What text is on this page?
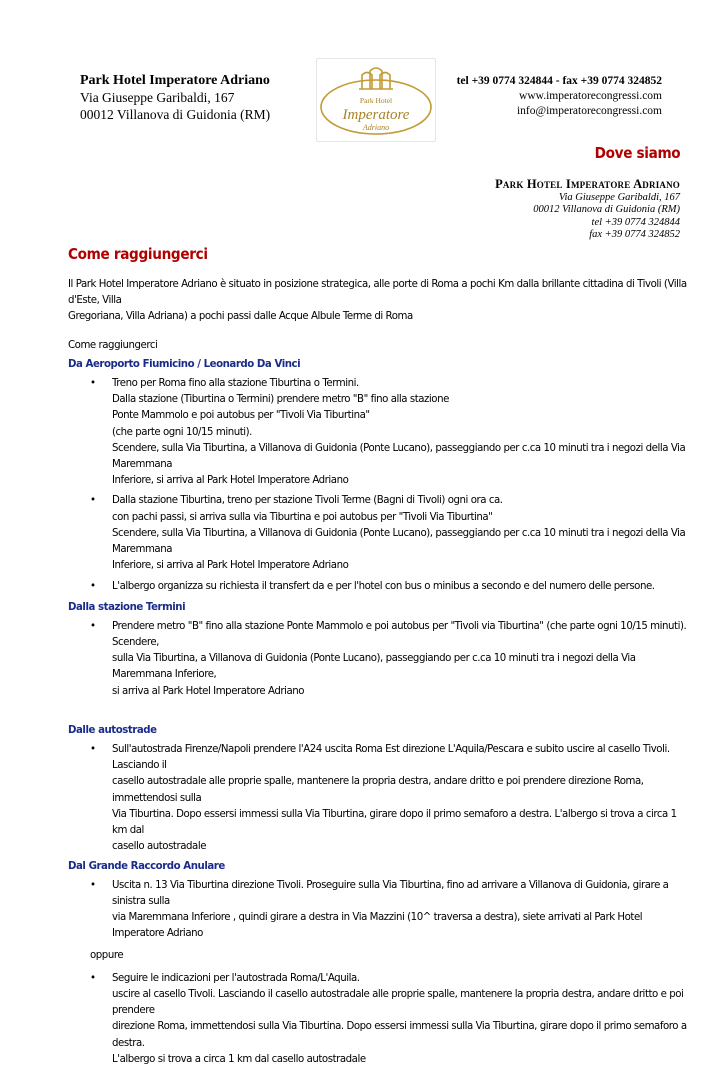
Park Hotel Imperatore Adriano
Via Giuseppe Garibaldi, 167
00012 Villanova di Guidonia (RM)
Park Hotel
Imperatore
Adriano
tel +39 0774 324844 - fax +39 0774 324852
www.imperatorecongressi.com
info@imperatorecongressi.com
Dove siamo
Park Hotel Imperatore Adriano
Via Giuseppe Garibaldi, 167
00012 Villanova di Guidonia (RM)
tel +39 0774 324844
fax +39 0774 324852
Come raggiungerci

Il Park Hotel Imperatore Adriano è situato in posizione strategica, alle porte di Roma a pochi Km dalla brillante cittadina di Tivoli (Villa d'Este, Villa

Gregoriana, Villa Adriana) a pochi passi dalle Acque Albule Terme di Roma

Come raggiungerci

Da Aeroporto Fiumicino / Leonardo Da Vinci

• Treno per Roma fino alla stazione Tiburtina o Termini.
Dalla stazione (Tiburtina o Termini) prendere metro "B" fino alla stazione
Ponte Mammolo e poi autobus per "Tivoli Via Tiburtina"
(che parte ogni 10/15 minuti).
Scendere, sulla Via Tiburtina, a Villanova di Guidonia (Ponte Lucano), passeggiando per c.ca 10 minuti tra i negozi della Via Maremmana
Inferiore, si arriva al Park Hotel Imperatore Adriano
• Dalla stazione Tiburtina, treno per stazione Tivoli Terme (Bagni di Tivoli) ogni ora ca.
con pachi passi, si arriva sulla via Tiburtina e poi autobus per "Tivoli Via Tiburtina"
Scendere, sulla Via Tiburtina, a Villanova di Guidonia (Ponte Lucano), passeggiando per c.ca 10 minuti tra i negozi della Via Maremmana
Inferiore, si arriva al Park Hotel Imperatore Adriano
• L'albergo organizza su richiesta il transfert da e per l'hotel con bus o minibus a secondo e del numero delle persone.

Dalla stazione Termini

• Prendere metro "B" fino alla stazione Ponte Mammolo e poi autobus per "Tivoli via Tiburtina" (che parte ogni 10/15 minuti). Scendere,
sulla Via Tiburtina, a Villanova di Guidonia (Ponte Lucano), passeggiando per c.ca 10 minuti tra i negozi della Via Maremmana Inferiore,
si arriva al Park Hotel Imperatore Adriano

Dalle autostrade

• Sull'autostrada Firenze/Napoli prendere l'A24 uscita Roma Est direzione L'Aquila/Pescara e subito uscire al casello Tivoli. Lasciando il
casello autostradale alle proprie spalle, mantenere la propria destra, andare dritto e poi prendere direzione Roma, immettendosi sulla
Via Tiburtina. Dopo essersi immessi sulla Via Tiburtina, girare dopo il primo semaforo a destra. L'albergo si trova a circa 1 km dal
casello autostradale

Dal Grande Raccordo Anulare

• Uscita n. 13 Via Tiburtina direzione Tivoli. Proseguire sulla Via Tiburtina, fino ad arrivare a Villanova di Guidonia, girare a sinistra sulla
via Maremmana Inferiore , quindi girare a destra in Via Mazzini (10^ traversa a destra), siete arrivati al Park Hotel Imperatore Adriano

oppure

• Seguire le indicazioni per l'autostrada Roma/L'Aquila.
uscire al casello Tivoli. Lasciando il casello autostradale alle proprie spalle, mantenere la propria destra, andare dritto e poi prendere
direzione Roma, immettendosi sulla Via Tiburtina. Dopo essersi immessi sulla Via Tiburtina, girare dopo il primo semaforo a destra.
L'albergo si trova a circa 1 km dal casello autostradale
